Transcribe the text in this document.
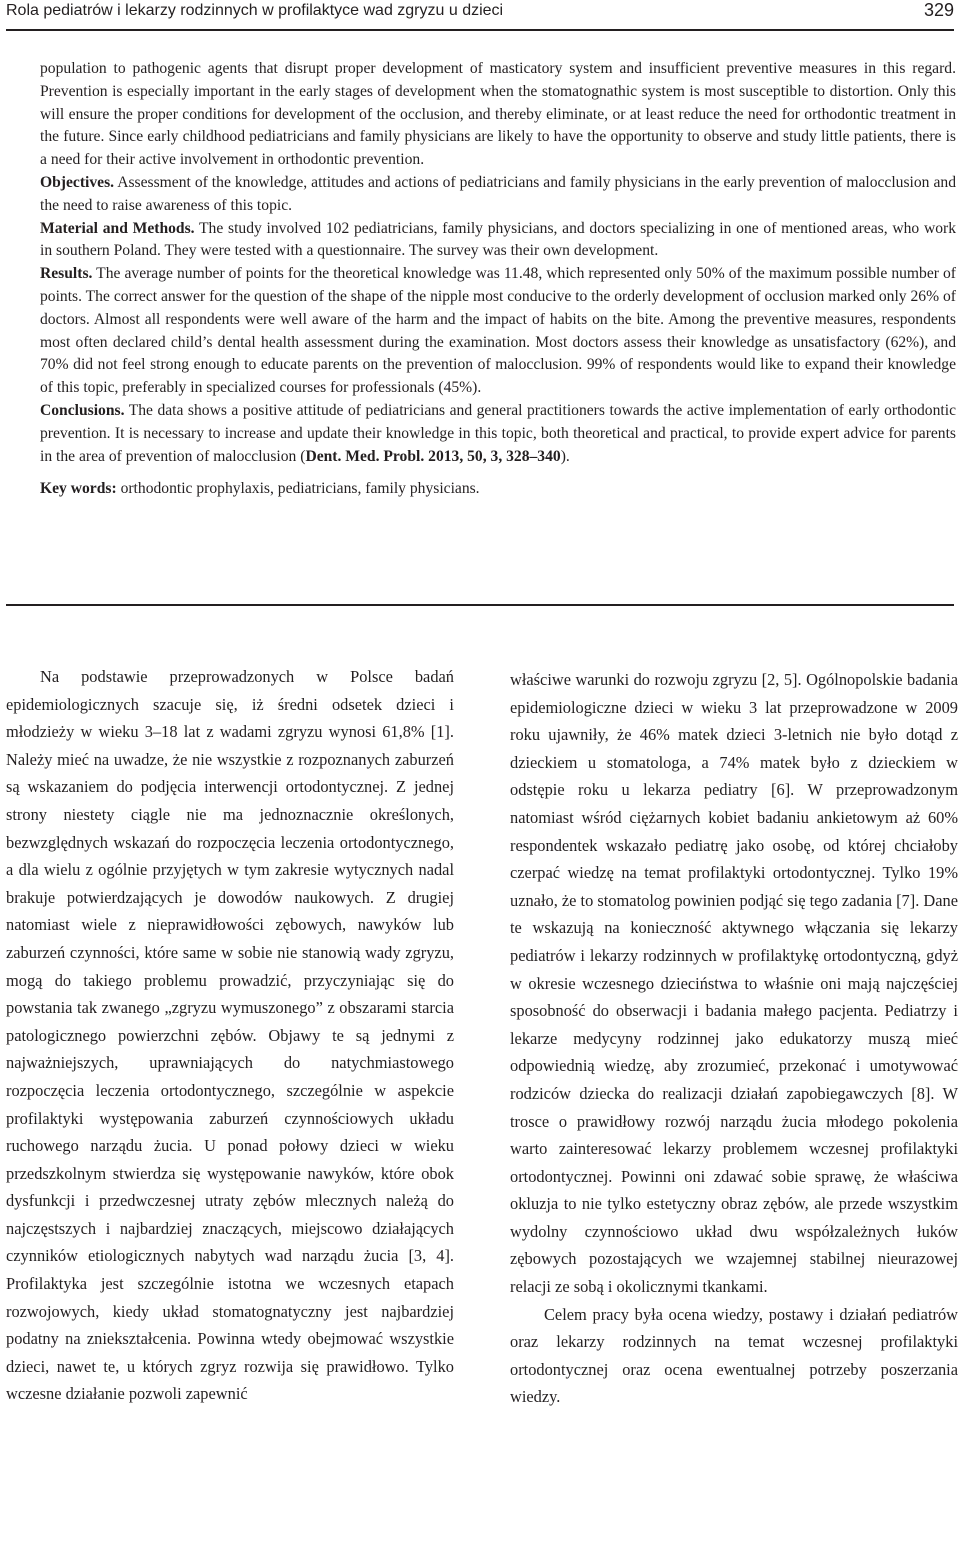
Rola pediatrów i lekarzy rodzinnych w profilaktyce wad zgryzu u dzieci	329

population to pathogenic agents that disrupt proper development of masticatory system and insufficient preventive measures in this regard. Prevention is especially important in the early stages of development when the stomatognathic system is most susceptible to distortion. Only this will ensure the proper conditions for development of the occlusion, and thereby eliminate, or at least reduce the need for orthodontic treatment in the future. Since early childhood pediatricians and family physicians are likely to have the opportunity to observe and study little patients, there is a need for their active involvement in orthodontic prevention.

Objectives. Assessment of the knowledge, attitudes and actions of pediatricians and family physicians in the early prevention of malocclusion and the need to raise awareness of this topic.

Material and Methods. The study involved 102 pediatricians, family physicians, and doctors specializing in one of mentioned areas, who work in southern Poland. They were tested with a questionnaire. The survey was their own development.

Results. The average number of points for the theoretical knowledge was 11.48, which represented only 50% of the maximum possible number of points. The correct answer for the question of the shape of the nipple most conducive to the orderly development of occlusion marked only 26% of doctors. Almost all respondents were well aware of the harm and the impact of habits on the bite. Among the preventive measures, respondents most often declared child’s dental health assessment during the examination. Most doctors assess their knowledge as unsatisfactory (62%), and 70% did not feel strong enough to educate parents on the prevention of malocclusion. 99% of respondents would like to expand their knowledge of this topic, preferably in specialized courses for professionals (45%).

Conclusions. The data shows a positive attitude of pediatricians and general practitioners towards the active implementation of early orthodontic prevention. It is necessary to increase and update their knowledge in this topic, both theoretical and practical, to provide expert advice for parents in the area of prevention of malocclusion (Dent. Med. Probl. 2013, 50, 3, 328–340).

Key words: orthodontic prophylaxis, pediatricians, family physicians.

Na podstawie przeprowadzonych w Polsce badań epidemiologicznych szacuje się, iż średni odsetek dzieci i młodzieży w wieku 3–18 lat z wadami zgryzu wynosi 61,8% [1]. Należy mieć na uwadze, że nie wszystkie z rozpoznanych zaburzeń są wskazaniem do podjęcia interwencji ortodontycznej. Z jednej strony niestety ciągle nie ma jednoznacznie określonych, bezwzględnych wskazań do rozpoczęcia leczenia ortodontycznego, a dla wielu z ogólnie przyjętych w tym zakresie wytycznych nadal brakuje potwierdzających je dowodów naukowych. Z drugiej natomiast wiele z nieprawidłowości zębowych, nawyków lub zaburzeń czynności, które same w sobie nie stanowią wady zgryzu, mogą do takiego problemu prowadzić, przyczyniając się do powstania tak zwanego „zgryzu wymuszonego” z obszarami starcia patologicznego powierzchni zębów. Objawy te są jednymi z najważniejszych, uprawniających do natychmiastowego rozpoczęcia leczenia ortodontycznego, szczególnie w aspekcie profilaktyki występowania zaburzeń czynnościowych układu ruchowego narządu żucia. U ponad połowy dzieci w wieku przedszkolnym stwierdza się występowanie nawyków, które obok dysfunkcji i przedwczesnej utraty zębów mlecznych należą do najczęstszych i najbardziej znaczących, miejscowo działających czynników etiologicznych nabytych wad narządu żucia [3, 4]. Profilaktyka jest szczególnie istotna we wczesnych etapach rozwojowych, kiedy układ stomatognatyczny jest najbardziej podatny na zniekształcenia. Powinna wtedy obejmować wszystkie dzieci, nawet te, u których zgryz rozwija się prawidłowo. Tylko wczesne działanie pozwoli zapewnić

właściwe warunki do rozwoju zgryzu [2, 5]. Ogólnopolskie badania epidemiologiczne dzieci w wieku 3 lat przeprowadzone w 2009 roku ujawniły, że 46% matek dzieci 3-letnich nie było dotąd z dzieckiem u stomatologa, a 74% matek było z dzieckiem w odstępie roku u lekarza pediatry [6]. W przeprowadzonym natomiast wśród ciężarnych kobiet badaniu ankietowym aż 60% respondentek wskazało pediatrę jako osobę, od której chciałoby czerpać wiedzę na temat profilaktyki ortodontycznej. Tylko 19% uznało, że to stomatolog powinien podjąć się tego zadania [7]. Dane te wskazują na konieczność aktywnego włączania się lekarzy pediatrów i lekarzy rodzinnych w profilaktykę ortodontyczną, gdyż w okresie wczesnego dzieciństwa to właśnie oni mają najczęściej sposobność do obserwacji i badania małego pacjenta. Pediatrzy i lekarze medycyny rodzinnej jako edukatorzy muszą mieć odpowiednią wiedzę, aby zrozumieć, przekonać i umotywować rodziców dziecka do realizacji działań zapobiegawczych [8]. W trosce o prawidłowy rozwój narządu żucia młodego pokolenia warto zainteresować lekarzy problemem wczesnej profilaktyki ortodontycznej. Powinni oni zdawać sobie sprawę, że właściwa okluzja to nie tylko estetyczny obraz zębów, ale przede wszystkim wydolny czynnościowo układ dwu współzależnych łuków zębowych pozostających we wzajemnej stabilnej nieurazowej relacji ze sobą i okolicznymi tkankami.

Celem pracy była ocena wiedzy, postawy i działań pediatrów oraz lekarzy rodzinnych na temat wczesnej profilaktyki ortodontycznej oraz ocena ewentualnej potrzeby poszerzania wiedzy.
